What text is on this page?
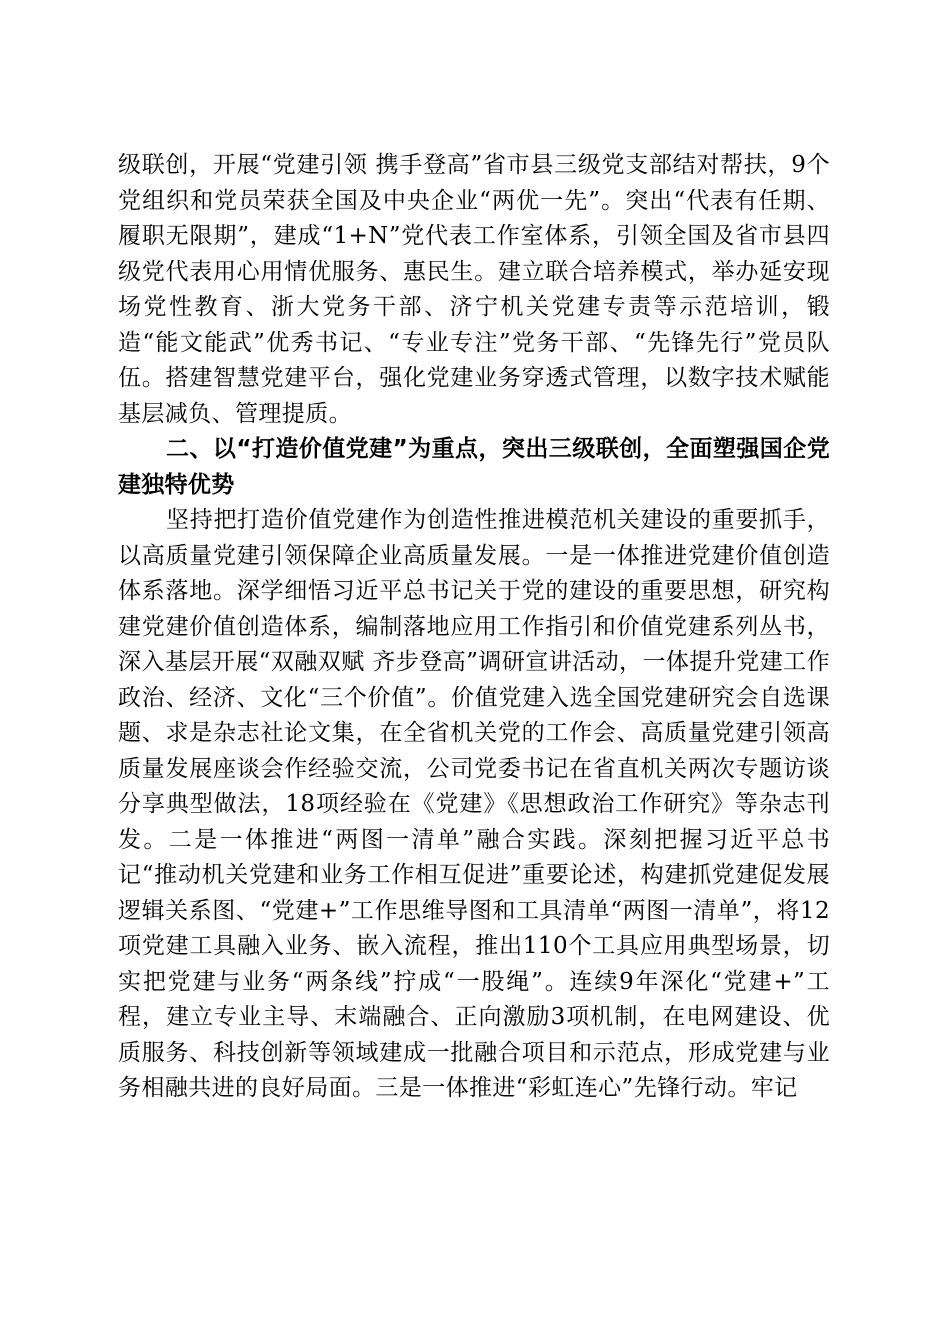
级联创，开展“党建引领 携手登高”省市县三级党支部结对帮扶，9个党组织和党员荣获全国及中央企业“两优一先”。突出“代表有任期、履职无限期”，建成“1+N”党代表工作室体系，引领全国及省市县四级党代表用心用情优服务、惠民生。建立联合培养模式，举办延安现场党性教育、浙大党务干部、济宁机关党建专责等示范培训，锻造“能文能武”优秀书记、“专业专注”党务干部、“先锋先行”党员队伍。搭建智慧党建平台，强化党建业务穿透式管理，以数字技术赋能基层减负、管理提质。

二、以“打造价值党建”为重点，突出三级联创，全面塑强国企党建独特优势

坚持把打造价值党建作为创造性推进模范机关建设的重要抓手，以高质量党建引领保障企业高质量发展。一是一体推进党建价值创造体系落地。深学细悟习近平总书记关于党的建设的重要思想，研究构建党建价值创造体系，编制落地应用工作指引和价值党建系列丛书，深入基层开展“双融双赋 齐步登高”调研宣讲活动，一体提升党建工作政治、经济、文化“三个价值”。价值党建入选全国党建研究会自选课题、求是杂志社论文集，在全省机关党的工作会、高质量党建引领高质量发展座谈会作经验交流，公司党委书记在省直机关两次专题访谈分享典型做法，18项经验在《党建》《思想政治工作研究》等杂志刊发。二是一体推进“两图一清单”融合实践。深刻把握习近平总书记“推动机关党建和业务工作相互促进”重要论述，构建抓党建促发展逻辑关系图、“党建+”工作思维导图和工具清单“两图一清单”，将12项党建工具融入业务、嵌入流程，推出110个工具应用典型场景，切实把党建与业务“两条线”拧成“一股绳”。连续9年深化“党建+”工程，建立专业主导、末端融合、正向激励3项机制，在电网建设、优质服务、科技创新等领域建成一批融合项目和示范点，形成党建与业务相融共进的良好局面。三是一体推进“彩虹连心”先锋行动。牢记
